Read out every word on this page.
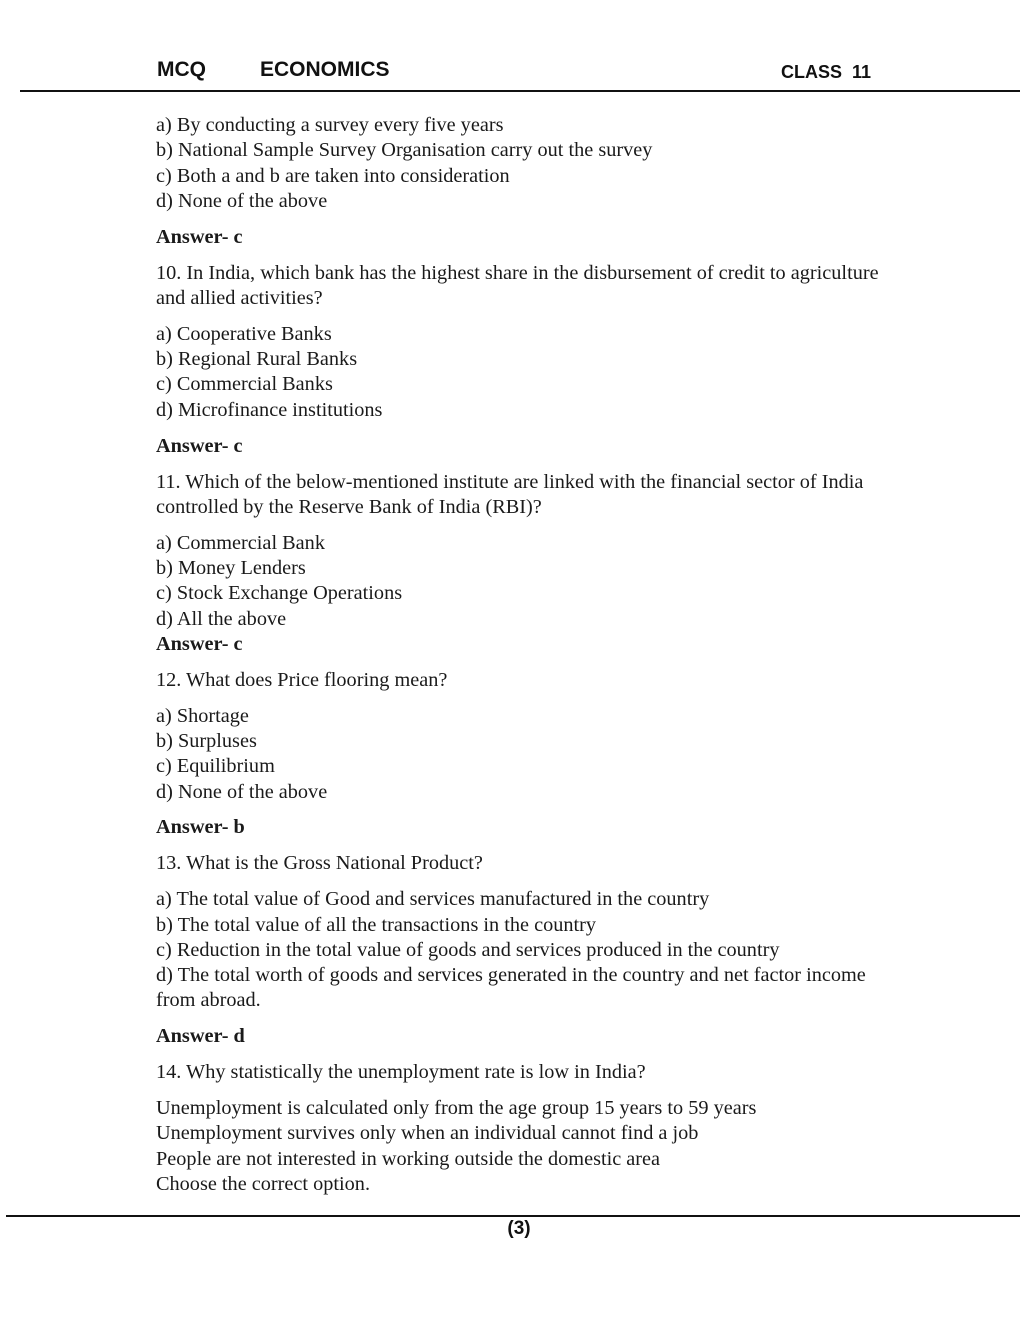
MCQ	ECONOMICS	CLASS  11
a) By conducting a survey every five years
b) National Sample Survey Organisation carry out the survey
c) Both a and b are taken into consideration
d) None of the above
Answer- c
10. In India, which bank has the highest share in the disbursement of credit to agriculture and allied activities?
a) Cooperative Banks
b) Regional Rural Banks
c) Commercial Banks
d) Microfinance institutions
Answer- c
11. Which of the below-mentioned institute are linked with the financial sector of India controlled by the Reserve Bank of India (RBI)?
a) Commercial Bank
b) Money Lenders
c) Stock Exchange Operations
d) All the above
Answer- c
12. What does Price flooring mean?
a) Shortage
b) Surpluses
c) Equilibrium
d) None of the above
Answer- b
13. What is the Gross National Product?
a) The total value of Good and services manufactured in the country
b) The total value of all the transactions in the country
c) Reduction in the total value of goods and services produced in the country
d) The total worth of goods and services generated in the country and net factor income from abroad.
Answer- d
14. Why statistically the unemployment rate is low in India?
Unemployment is calculated only from the age group 15 years to 59 years
Unemployment survives only when an individual cannot find a job
People are not interested in working outside the domestic area
Choose the correct option.
(3)
